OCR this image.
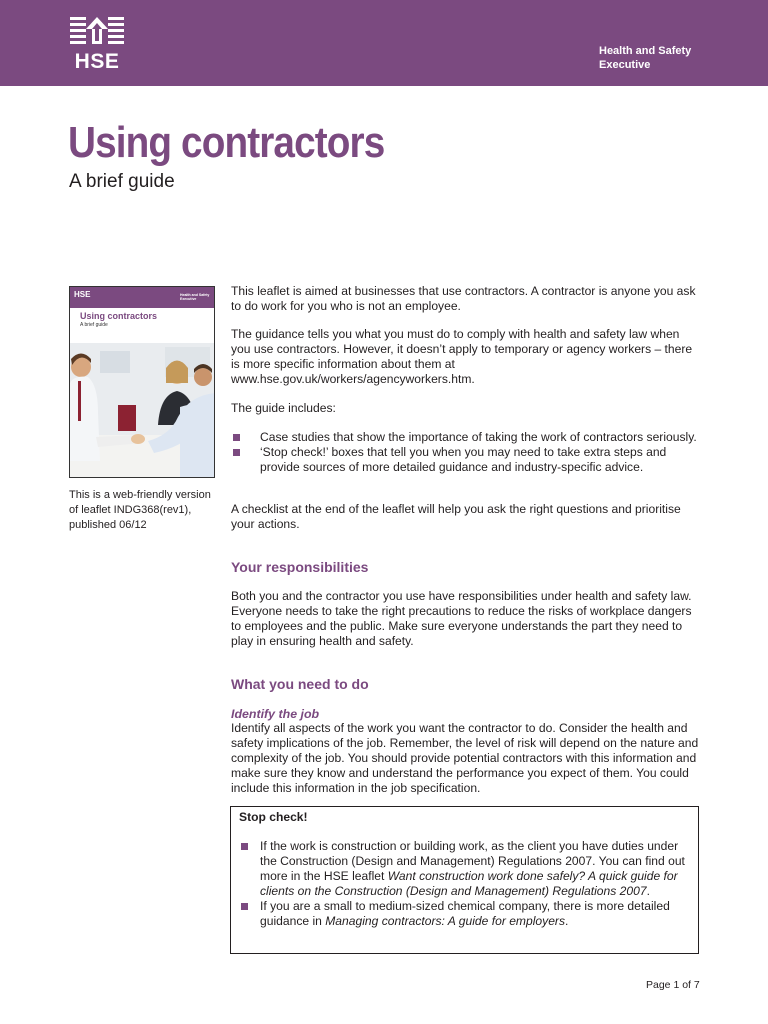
HSE	Health and Safety
Executive
Using contractors
A brief guide
HSE	Health and Safety
Executive
Using contractors
A brief guide
This is a web-friendly version of leaflet INDG368(rev1), published 06/12

This leaflet is aimed at businesses that use contractors. A contractor is anyone you ask to do work for you who is not an employee.

The guidance tells you what you must do to comply with health and safety law when you use contractors. However, it doesn’t apply to temporary or agency workers – there is more specific information about them at www.hse.gov.uk/workers/agencyworkers.htm.

The guide includes:

Case studies that show the importance of taking the work of contractors seriously.
‘Stop check!’ boxes that tell you when you may need to take extra steps and provide sources of more detailed guidance and industry-specific advice.

A checklist at the end of the leaflet will help you ask the right questions and prioritise your actions.

Your responsibilities

Both you and the contractor you use have responsibilities under health and safety law. Everyone needs to take the right precautions to reduce the risks of workplace dangers to employees and the public. Make sure everyone understands the part they need to play in ensuring health and safety.

What you need to do
Identify the job

Identify all aspects of the work you want the contractor to do. Consider the health and safety implications of the job. Remember, the level of risk will depend on the nature and complexity of the job. You should provide potential contractors with this information and make sure they know and understand the performance you expect of them. You could include this information in the job specification.

Stop check!
If the work is construction or building work, as the client you have duties under the Construction (Design and Management) Regulations 2007. You can find out more in the HSE leaflet Want construction work done safely? A quick guide for clients on the Construction (Design and Management) Regulations 2007.
If you are a small to medium-sized chemical company, there is more detailed guidance in Managing contractors: A guide for employers.
Page 1 of 7
